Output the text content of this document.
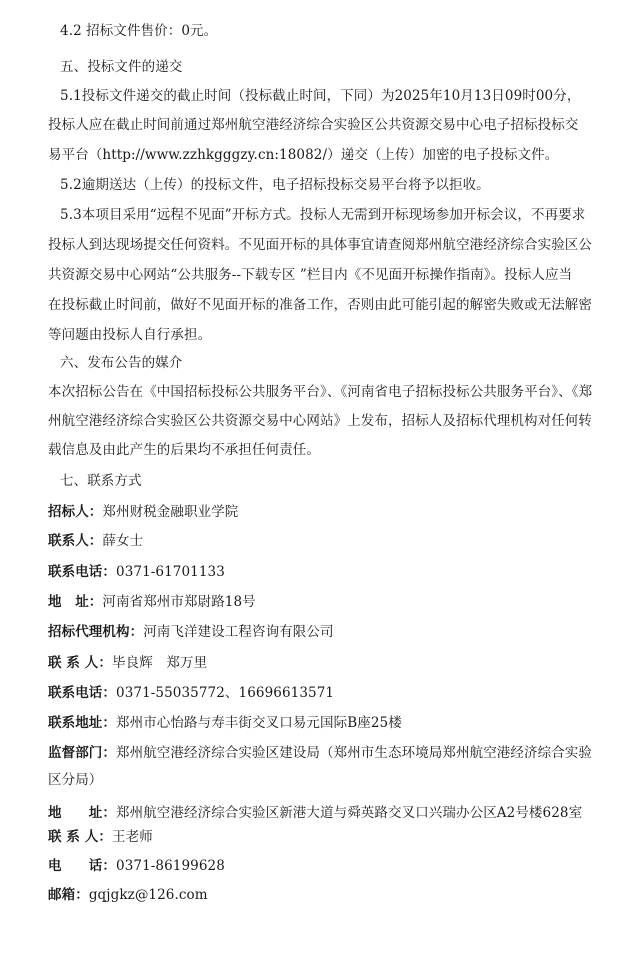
4.2 招标文件售价：0元。
五、投标文件的递交
5.1投标文件递交的截止时间（投标截止时间，下同）为2025年10月13日09时00分，
投标人应在截止时间前通过郑州航空港经济综合实验区公共资源交易中心电子招标投标交
易平台（http://www.zzhkgggzy.cn:18082/）递交（上传）加密的电子投标文件。
5.2逾期送达（上传）的投标文件，电子招标投标交易平台将予以拒收。
5.3本项目采用“远程不见面”开标方式。投标人无需到开标现场参加开标会议，不再要求
投标人到达现场提交任何资料。不见面开标的具体事宜请查阅郑州航空港经济综合实验区公
共资源交易中心网站“公共服务--下载专区 ”栏目内《不见面开标操作指南》。投标人应当
在投标截止时间前，做好不见面开标的准备工作，否则由此可能引起的解密失败或无法解密
等问题由投标人自行承担。
六、发布公告的媒介
本次招标公告在《中国招标投标公共服务平台》、《河南省电子招标投标公共服务平台》、《郑
州航空港经济综合实验区公共资源交易中心网站》上发布，招标人及招标代理机构对任何转
载信息及由此产生的后果均不承担任何责任。
七、联系方式
招标人：郑州财税金融职业学院
联系人：薛女士
联系电话：0371-61701133
地　址：河南省郑州市郑尉路18号
招标代理机构：河南飞洋建设工程咨询有限公司
联 系 人：毕良辉　郑万里
联系电话：0371-55035772、16696613571
联系地址：郑州市心怡路与寿丰街交叉口易元国际B座25楼
监督部门：郑州航空港经济综合实验区建设局（郑州市生态环境局郑州航空港经济综合实验
区分局）
地　　址：郑州航空港经济综合实验区新港大道与舜英路交叉口兴瑞办公区A2号楼628室
联 系 人：王老师
电　　话：0371-86199628
邮箱：gqjgkz@126.com
